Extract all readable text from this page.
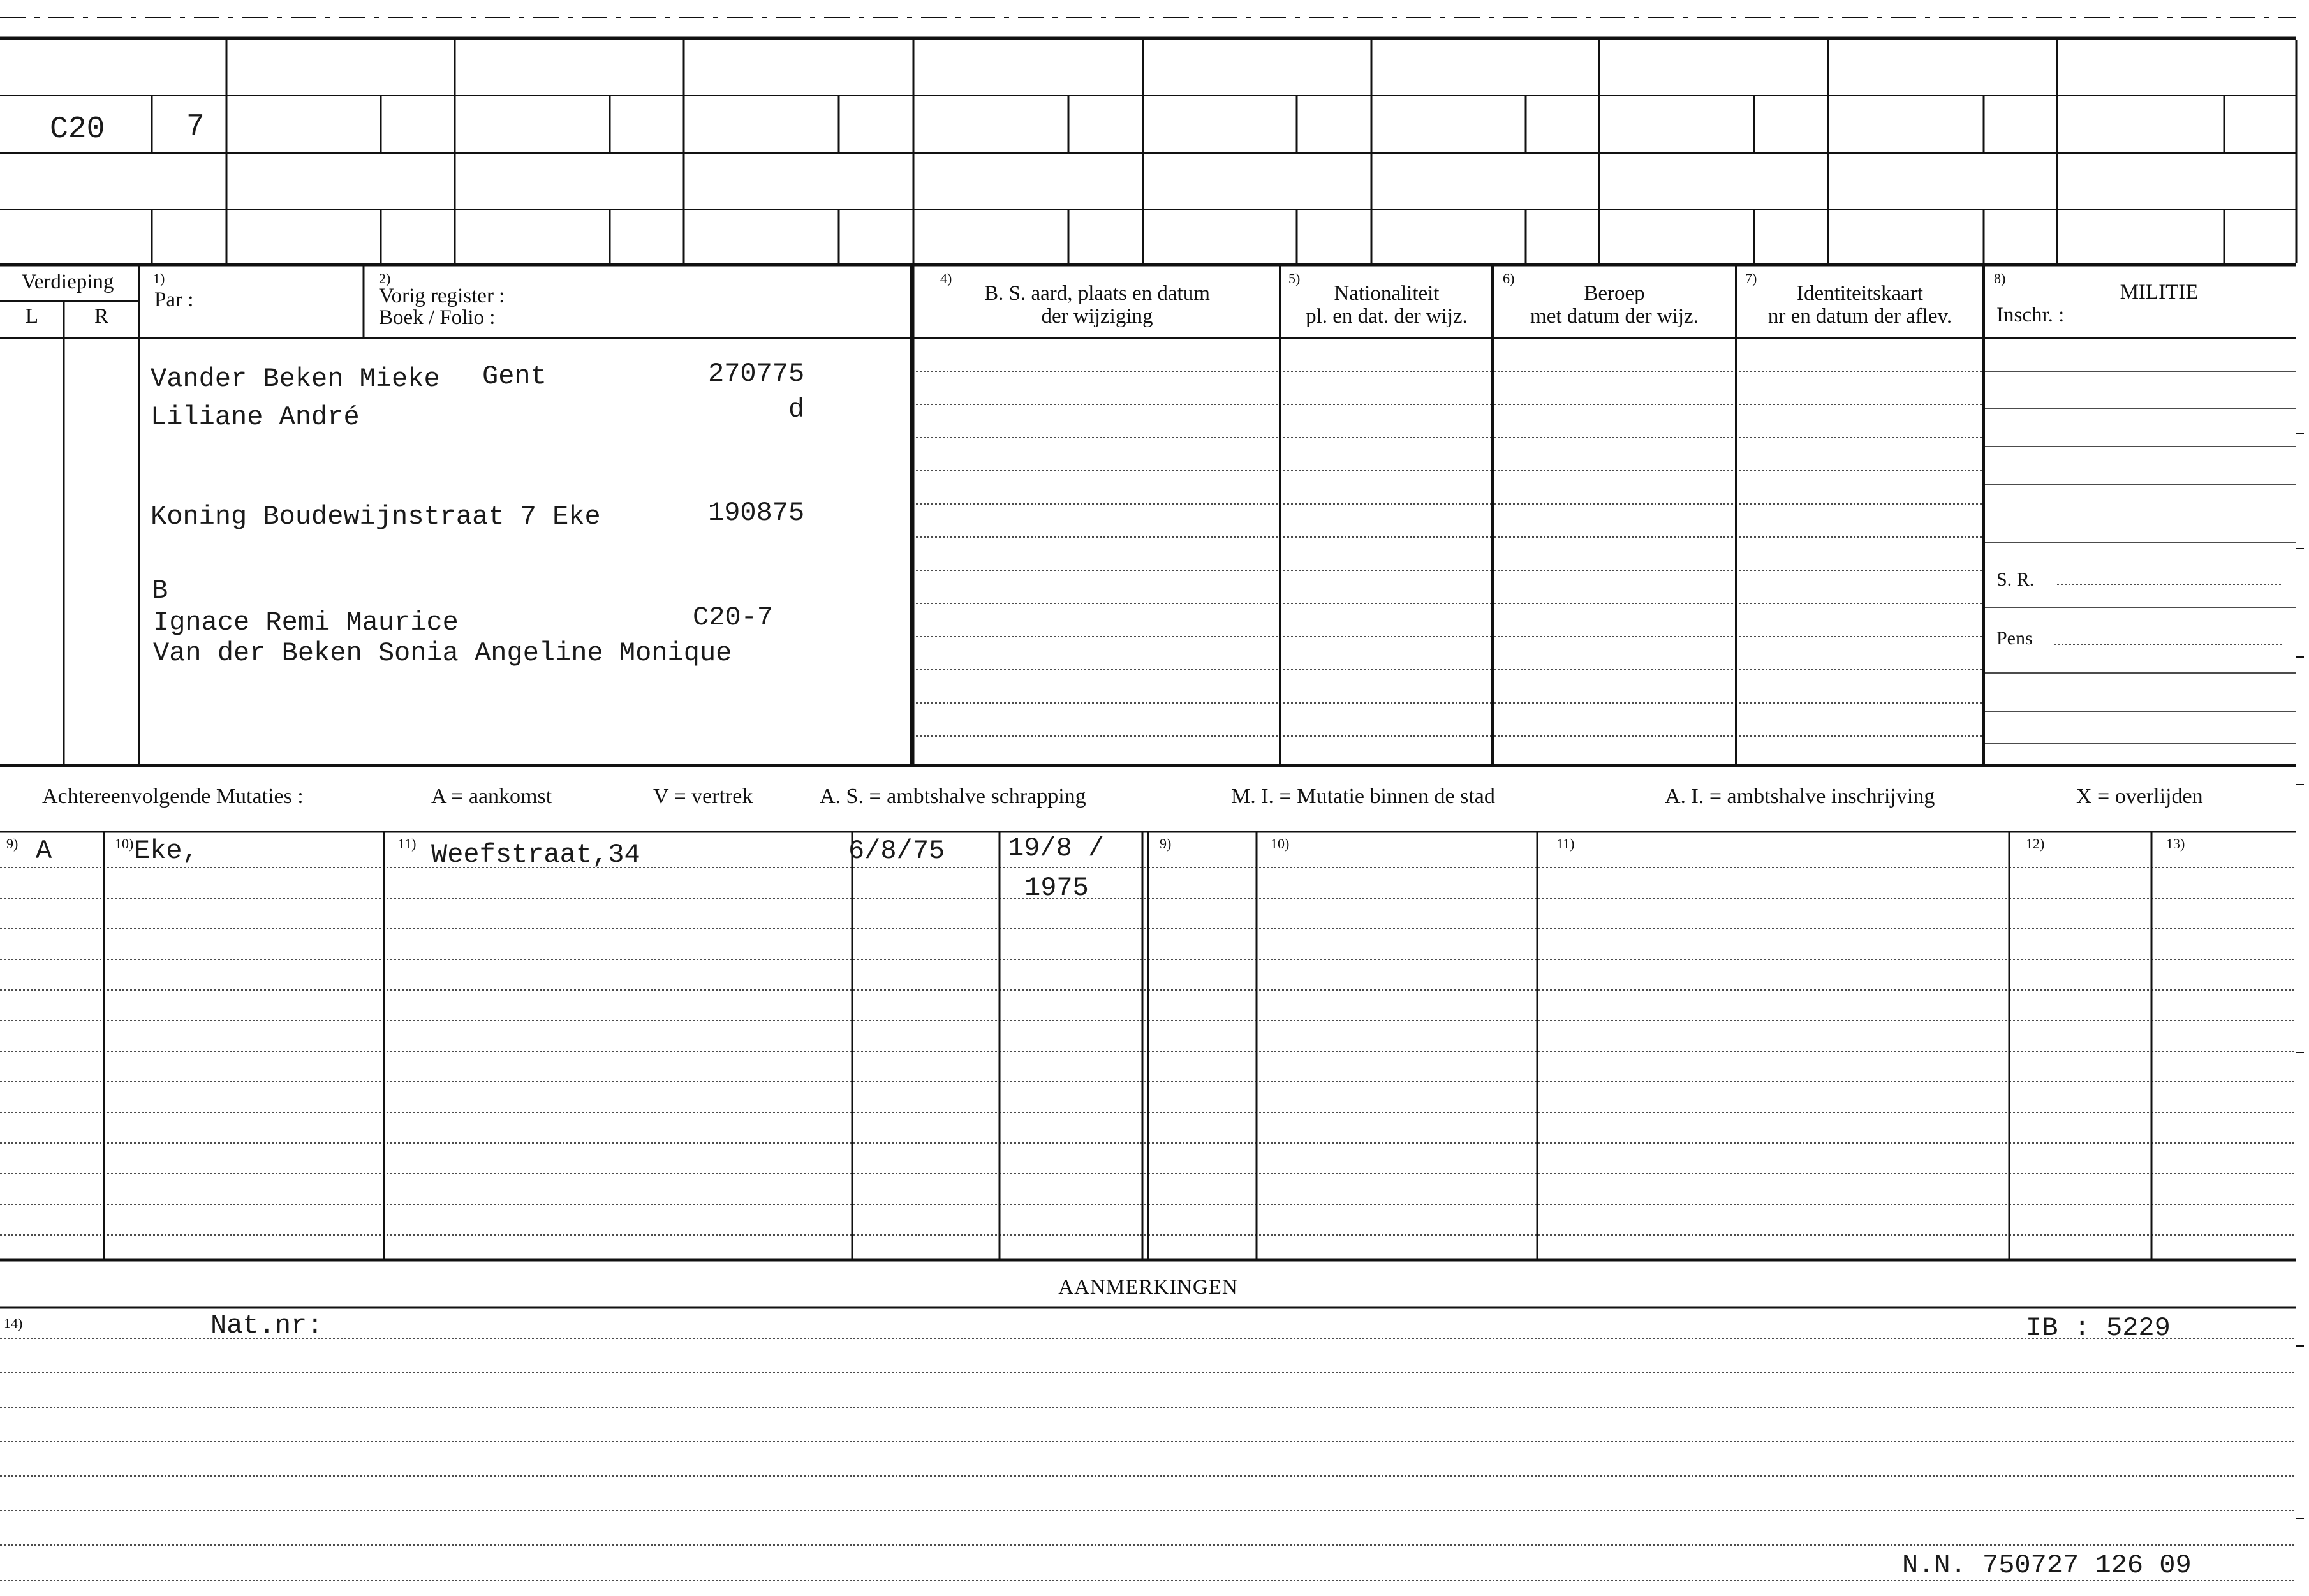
C20	7
Verdieping
L	R
1)
Par :
2)
Vorig register :
Boek / Folio :
4)
B. S. aard, plaats en datum
der wijziging
5)
Nationaliteit
pl. en dat. der wijz.
6)
Beroep
met datum der wijz.
7)
Identiteitskaart
nr en datum der aflev.
8)
MILITIE
Inschr. :
S. R.
Pens
Vander Beken Mieke Gent	270775
Liliane André	d
Koning Boudewijnstraat 7 Eke	190875
B
Ignace Remi Maurice	C20-7
Van der Beken Sonia Angeline Monique
Achtereenvolgende Mutaties :	A = aankomst	V = vertrek	A. S. = ambtshalve schrapping	M. I. = Mutatie binnen de stad	A. I. = ambtshalve inschrijving	X = overlijden
9)	10)	11)	9)	10)	11)	12)	13)
A	Eke,	Weefstraat,34	6/8/75 19/8 /
1975
AANMERKINGEN
14)	Nat.nr:	IB : 5229
N.N. 750727 126 09
